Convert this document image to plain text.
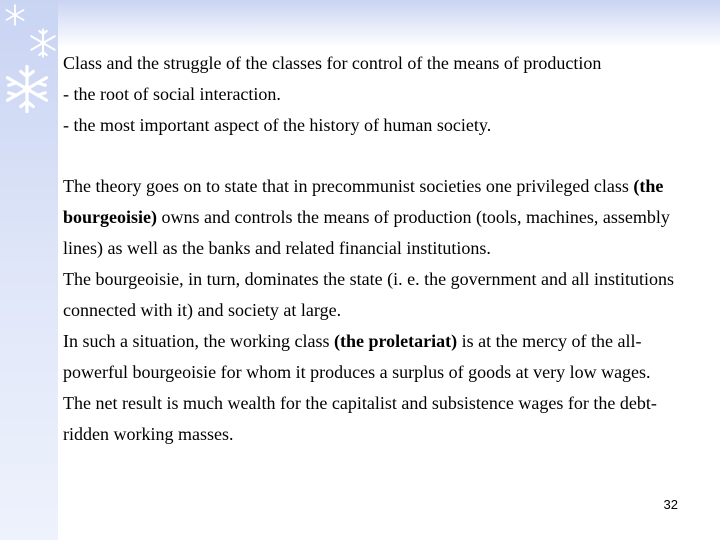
Class and the struggle of the classes for control of the means of production

- the root of social interaction.

- the most important aspect of the history of human society.

The theory goes on to state that in precommunist societies one privileged class (the bourgeoisie) owns and controls the means of production (tools, machines, assembly lines) as well as the banks and related financial institutions.

The bourgeoisie, in turn, dominates the state (i. e. the government and all institutions connected with it) and society at large.

In such a situation, the working class (the proletariat) is at the mercy of the all-powerful bourgeoisie for whom it produces a surplus of goods at very low wages.

The net result is much wealth for the capitalist and subsistence wages for the debt-ridden working masses.

32
